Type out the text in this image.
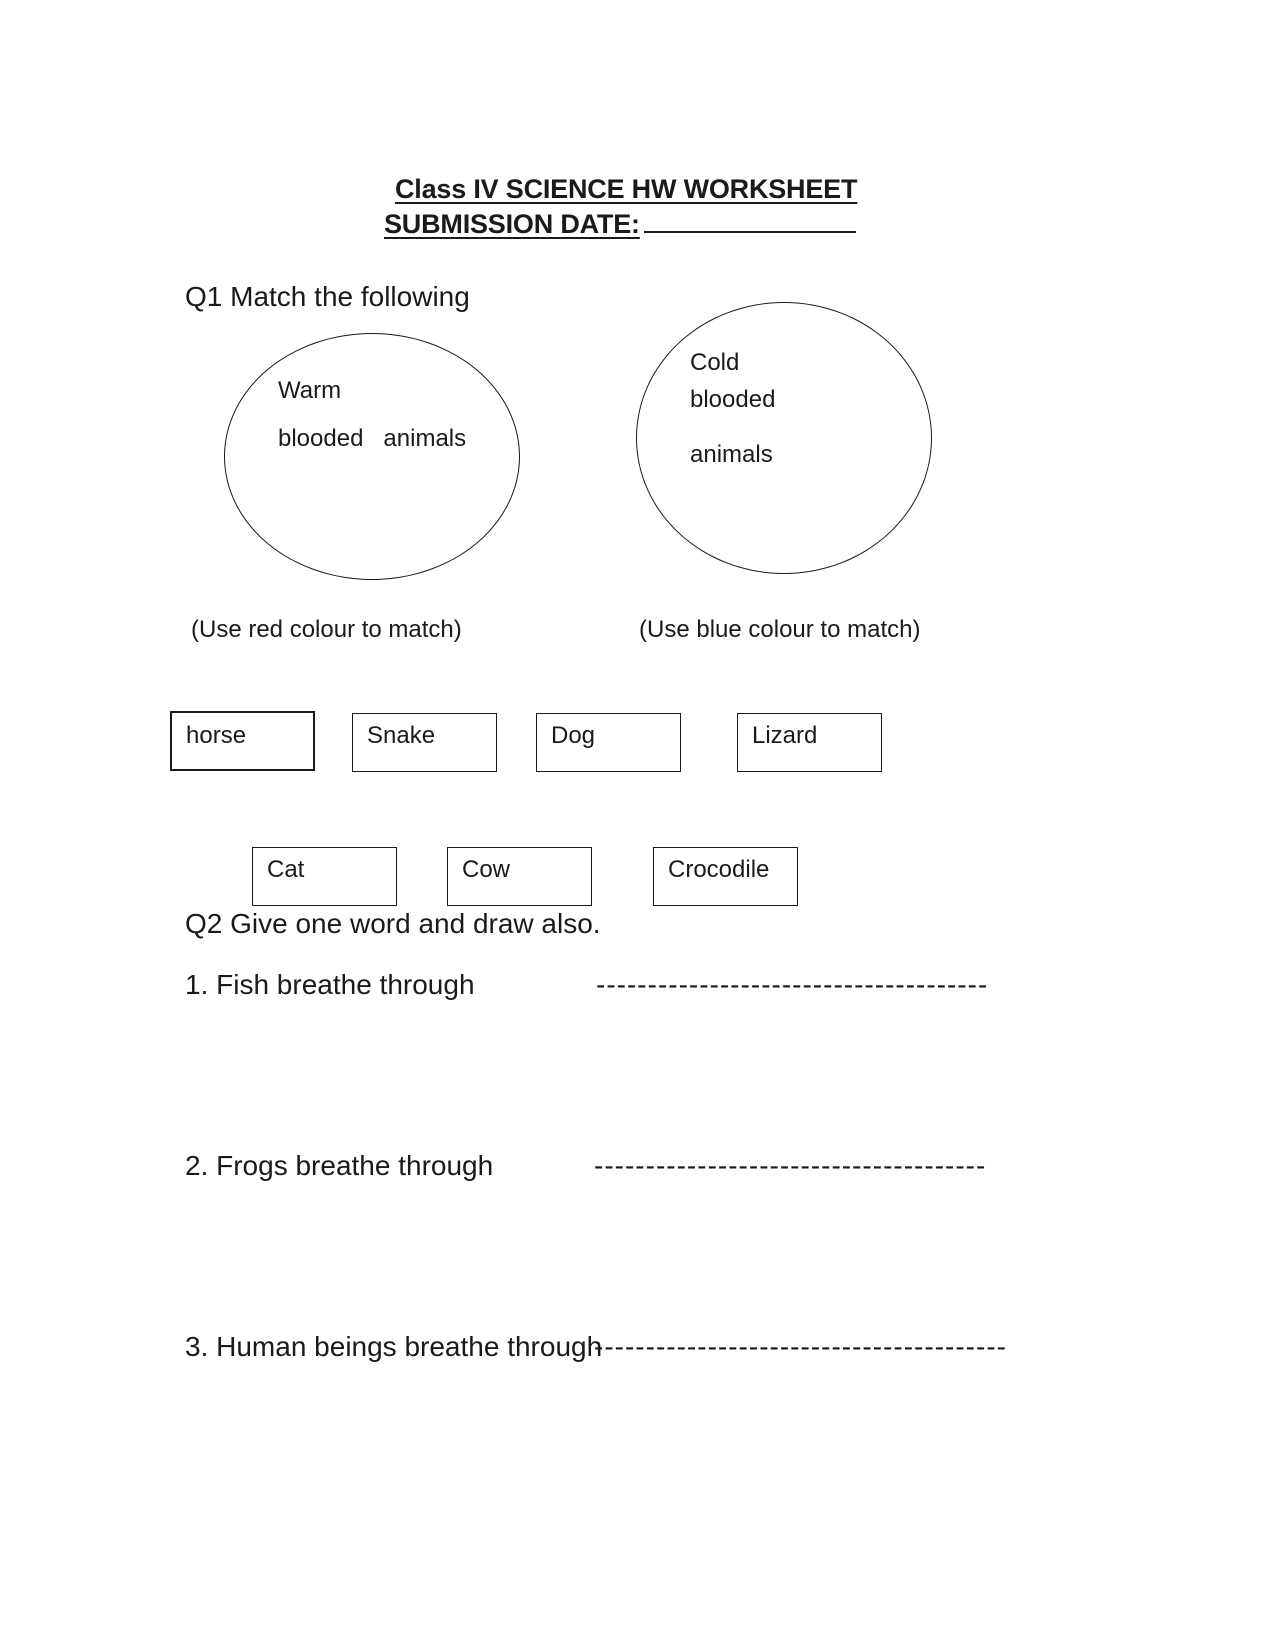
Class IV SCIENCE HW WORKSHEET
SUBMISSION DATE:
Q1 Match the following
Warm
blooded   animals
Cold
blooded
animals
(Use red colour to match)	(Use blue colour to match)
horse	Snake	Dog	Lizard
Cat	Cow	Crocodile
Q2 Give one word and draw also.
1. Fish breathe through	--------------------------------------
2. Frogs breathe through	--------------------------------------
3. Human beings breathe through
----------------------------------------
